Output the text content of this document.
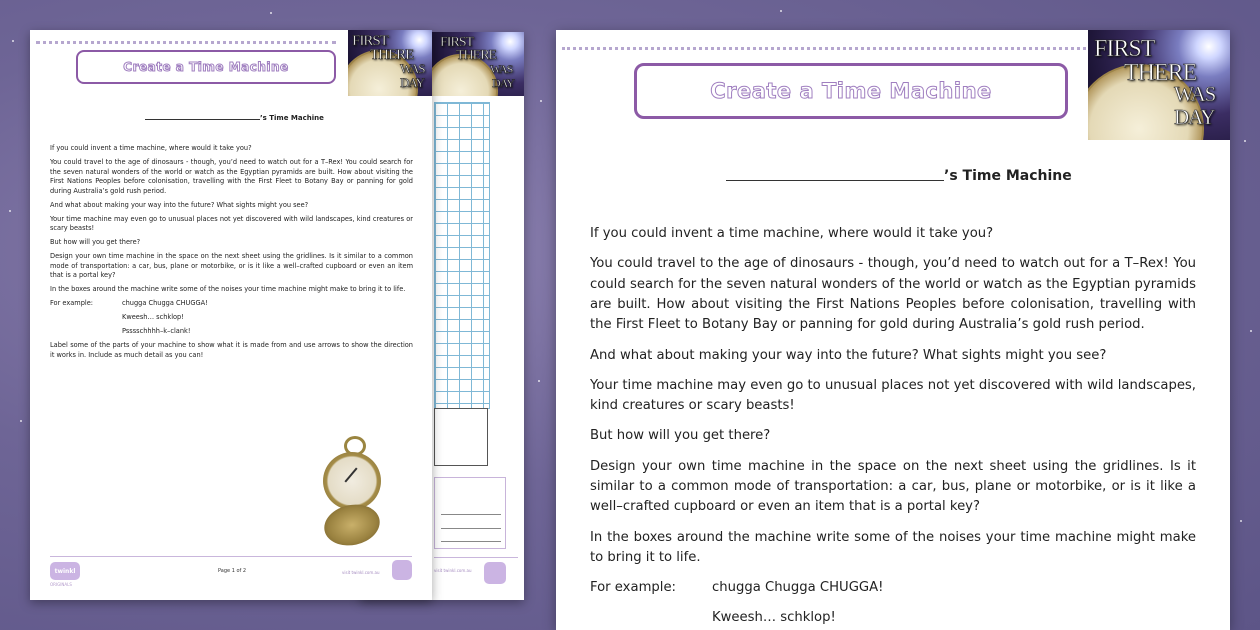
FIRST
THERE
WAS
DAY
visit twinkl.com.au
Create a Time Machine
FIRST
THERE
WAS
DAY
’s Time Machine

If you could invent a time machine, where would it take you?

You could travel to the age of dinosaurs - though, you’d need to watch out for a T–Rex! You could search for the seven natural wonders of the world or watch as the Egyptian pyramids are built. How about visiting the First Nations Peoples before colonisation, travelling with the First Fleet to Botany Bay or panning for gold during Australia’s gold rush period.

And what about making your way into the future? What sights might you see?

Your time machine may even go to unusual places not yet discovered with wild landscapes, kind creatures or scary beasts!

But how will you get there?

Design your own time machine in the space on the next sheet using the gridlines. Is it similar to a common mode of transportation: a car, bus, plane or motorbike, or is it like a well–crafted cupboard or even an item that is a portal key?

In the boxes around the machine write some of the noises your time machine might make to bring it to life.

For example:	chugga Chugga CHUGGA!

Kweesh… schklop!

Psssschhhh–k–clank!

Label some of the parts of your machine to show what it is made from and use arrows to show the direction it works in. Include as much detail as you can!

twinkl
ORIGINALS
Page 1 of 2	visit twinkl.com.au
Create a Time Machine
FIRST
THERE
WAS
DAY
’s Time Machine

If you could invent a time machine, where would it take you?

You could travel to the age of dinosaurs - though, you’d need to watch out for a T–Rex! You could search for the seven natural wonders of the world or watch as the Egyptian pyramids are built. How about visiting the First Nations Peoples before colonisation, travelling with the First Fleet to Botany Bay or panning for gold during Australia’s gold rush period.

And what about making your way into the future? What sights might you see?

Your time machine may even go to unusual places not yet discovered with wild landscapes, kind creatures or scary beasts!

But how will you get there?

Design your own time machine in the space on the next sheet using the gridlines. Is it similar to a common mode of transportation: a car, bus, plane or motorbike, or is it like a well–crafted cupboard or even an item that is a portal key?

In the boxes around the machine write some of the noises your time machine might make to bring it to life.

For example:	chugga Chugga CHUGGA!

Kweesh… schklop!
